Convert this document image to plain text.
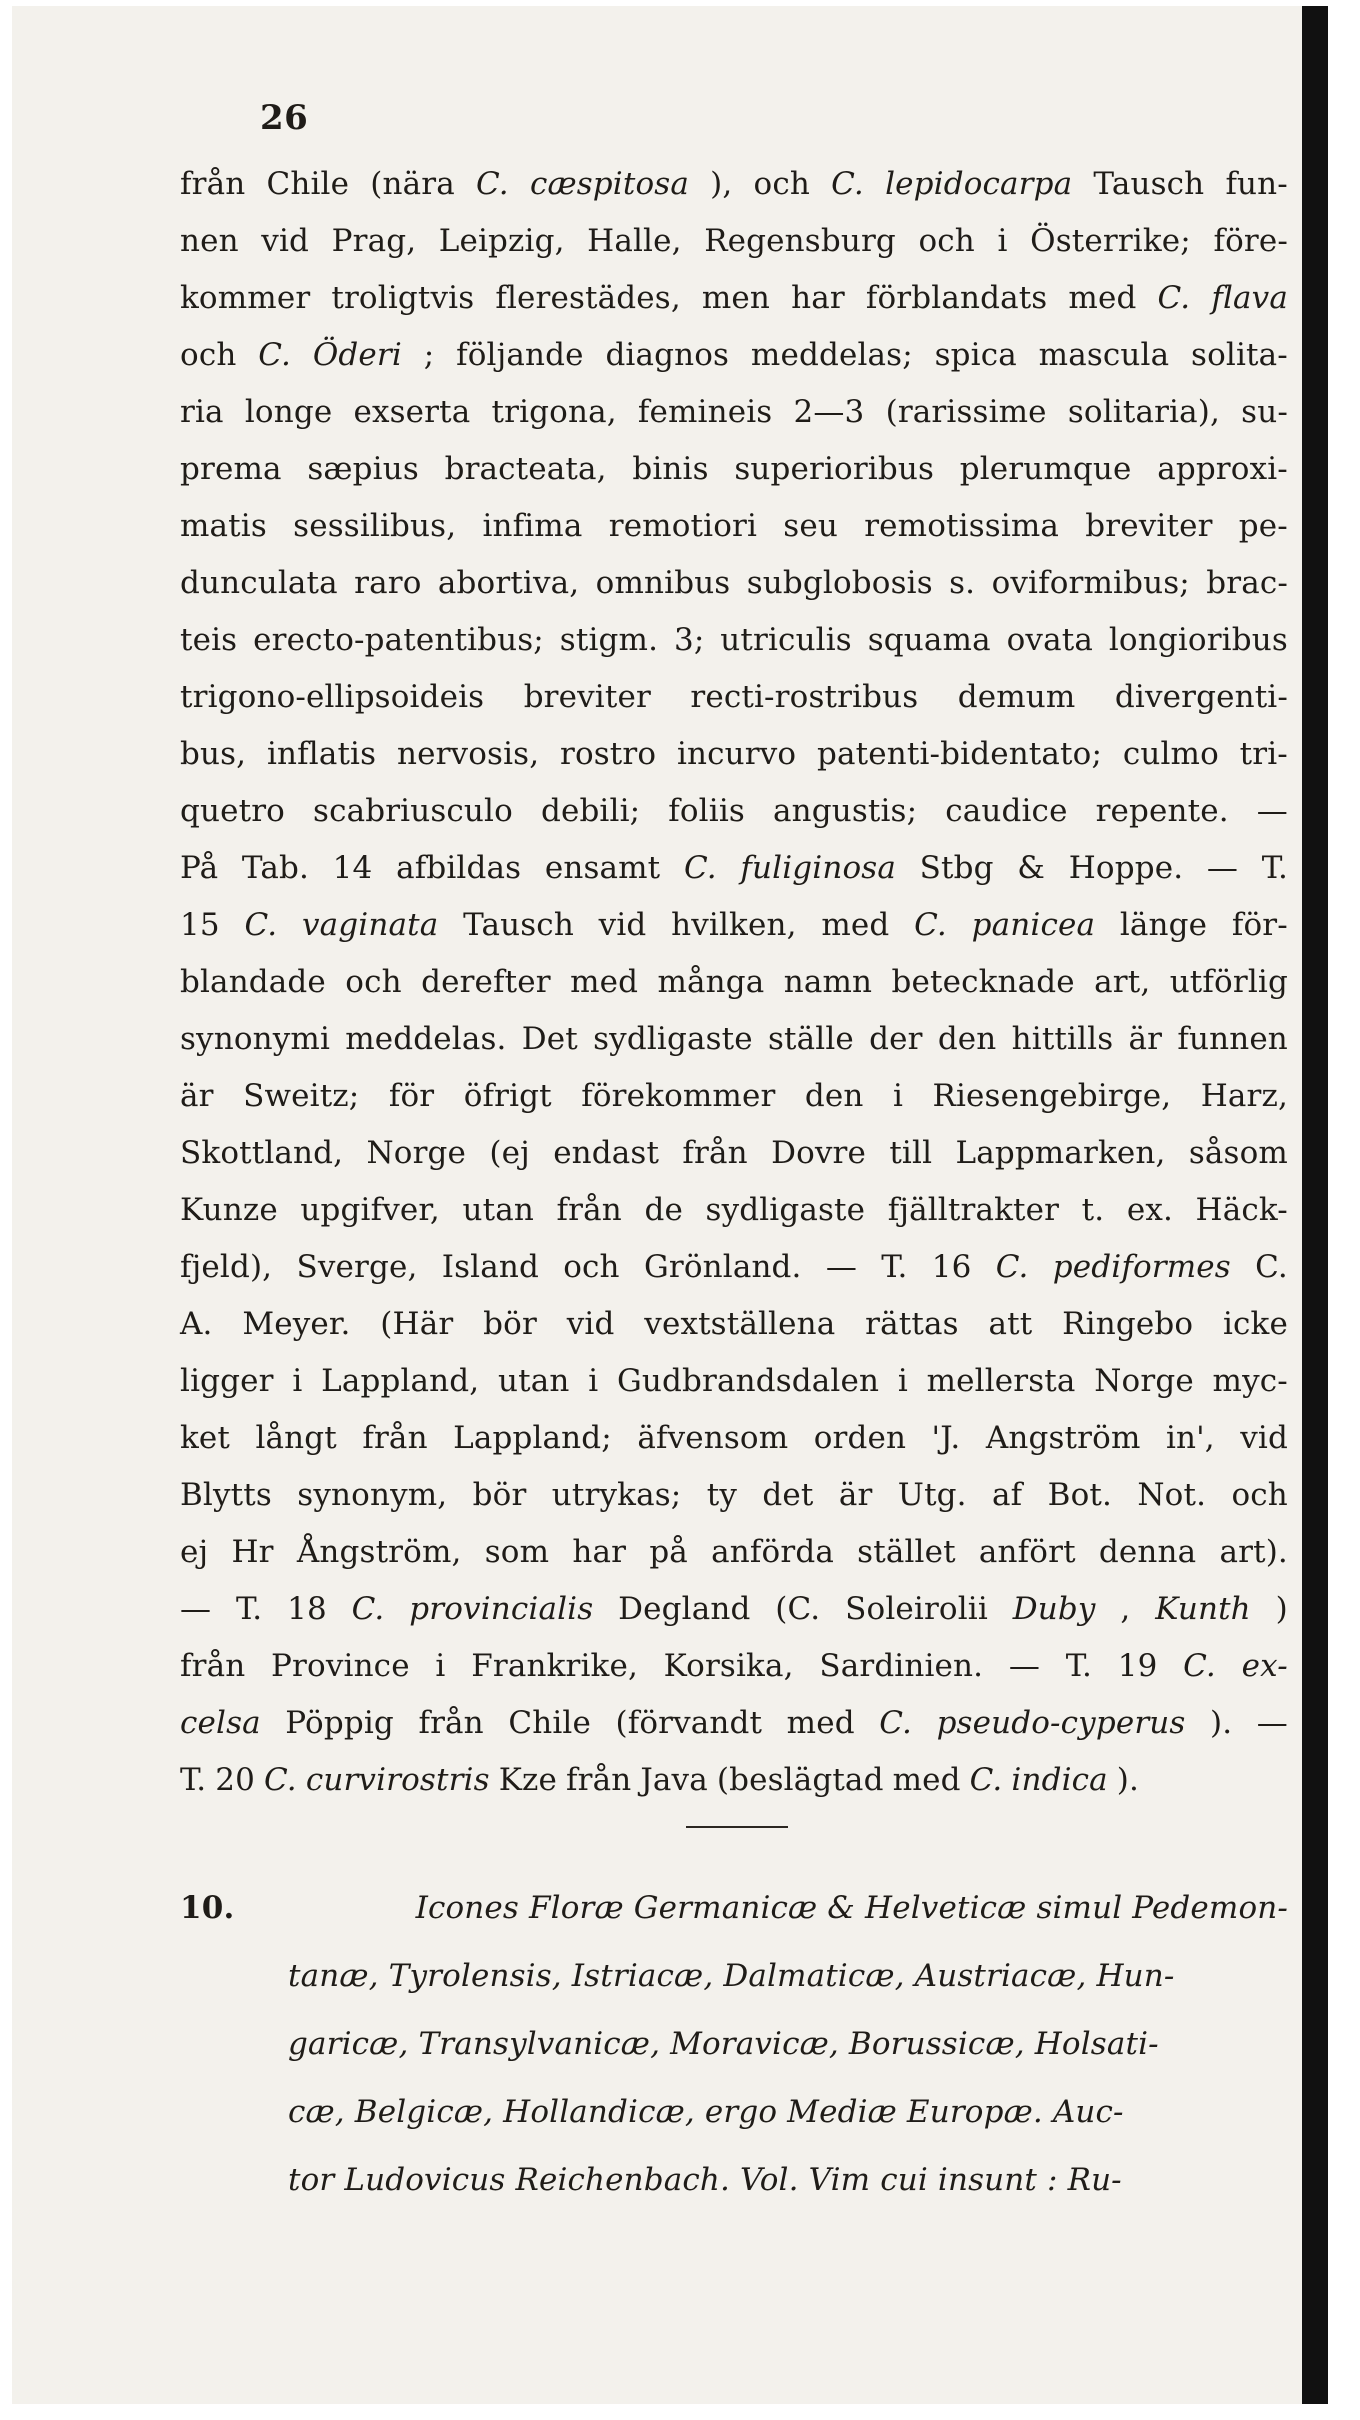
26
från Chile (nära C. cæspitosa ), och C. lepidocarpa Tausch fun-
nen vid Prag, Leipzig, Halle, Regensburg och i Österrike; före-
kommer troligtvis flerestädes, men har förblandats med C. flava
och C. Öderi ; följande diagnos meddelas; spica mascula solita-
ria longe exserta trigona, femineis 2—3 (rarissime solitaria), su-
prema sæpius bracteata, binis superioribus plerumque approxi-
matis sessilibus, infima remotiori seu remotissima breviter pe-
dunculata raro abortiva, omnibus subglobosis s. oviformibus; brac-
teis erecto-patentibus; stigm. 3; utriculis squama ovata longioribus
trigono-ellipsoideis breviter recti-rostribus demum divergenti-
bus, inflatis nervosis, rostro incurvo patenti-bidentato; culmo tri-
quetro scabriusculo debili; foliis angustis; caudice repente. —
På Tab. 14 afbildas ensamt C. fuliginosa Stbg & Hoppe. — T.
15 C. vaginata Tausch vid hvilken, med C. panicea länge för-
blandade och derefter med många namn betecknade art, utförlig
synonymi meddelas. Det sydligaste ställe der den hittills är funnen
är Sweitz; för öfrigt förekommer den i Riesengebirge, Harz,
Skottland, Norge (ej endast från Dovre till Lappmarken, såsom
Kunze upgifver, utan från de sydligaste fjälltrakter t. ex. Häck-
fjeld), Sverge, Island och Grönland. — T. 16 C. pediformes C.
A. Meyer. (Här bör vid vextställena rättas att Ringebo icke
ligger i Lappland, utan i Gudbrandsdalen i mellersta Norge myc-
ket långt från Lappland; äfvensom orden 'J. Angström in', vid
Blytts synonym, bör utrykas; ty det är Utg. af Bot. Not. och
ej Hr Ångström, som har på anförda stället anfört denna art).
— T. 18 C. provincialis Degland (C. Soleirolii Duby , Kunth )
från Province i Frankrike, Korsika, Sardinien. — T. 19 C. ex-
celsa Pöppig från Chile (förvandt med C. pseudo-cyperus ). —
T. 20 C. curvirostris Kze från Java (beslägtad med C. indica ).
10.	Icones Floræ Germanicæ & Helveticæ simul Pedemon-
tanæ, Tyrolensis, Istriacæ, Dalmaticæ, Austriacæ, Hun-
garicæ, Transylvanicæ, Moravicæ, Borussicæ, Holsati-
cæ, Belgicæ, Hollandicæ, ergo Mediæ Europæ. Auc-
tor Ludovicus Reichenbach. Vol. Vim cui insunt : Ru-
